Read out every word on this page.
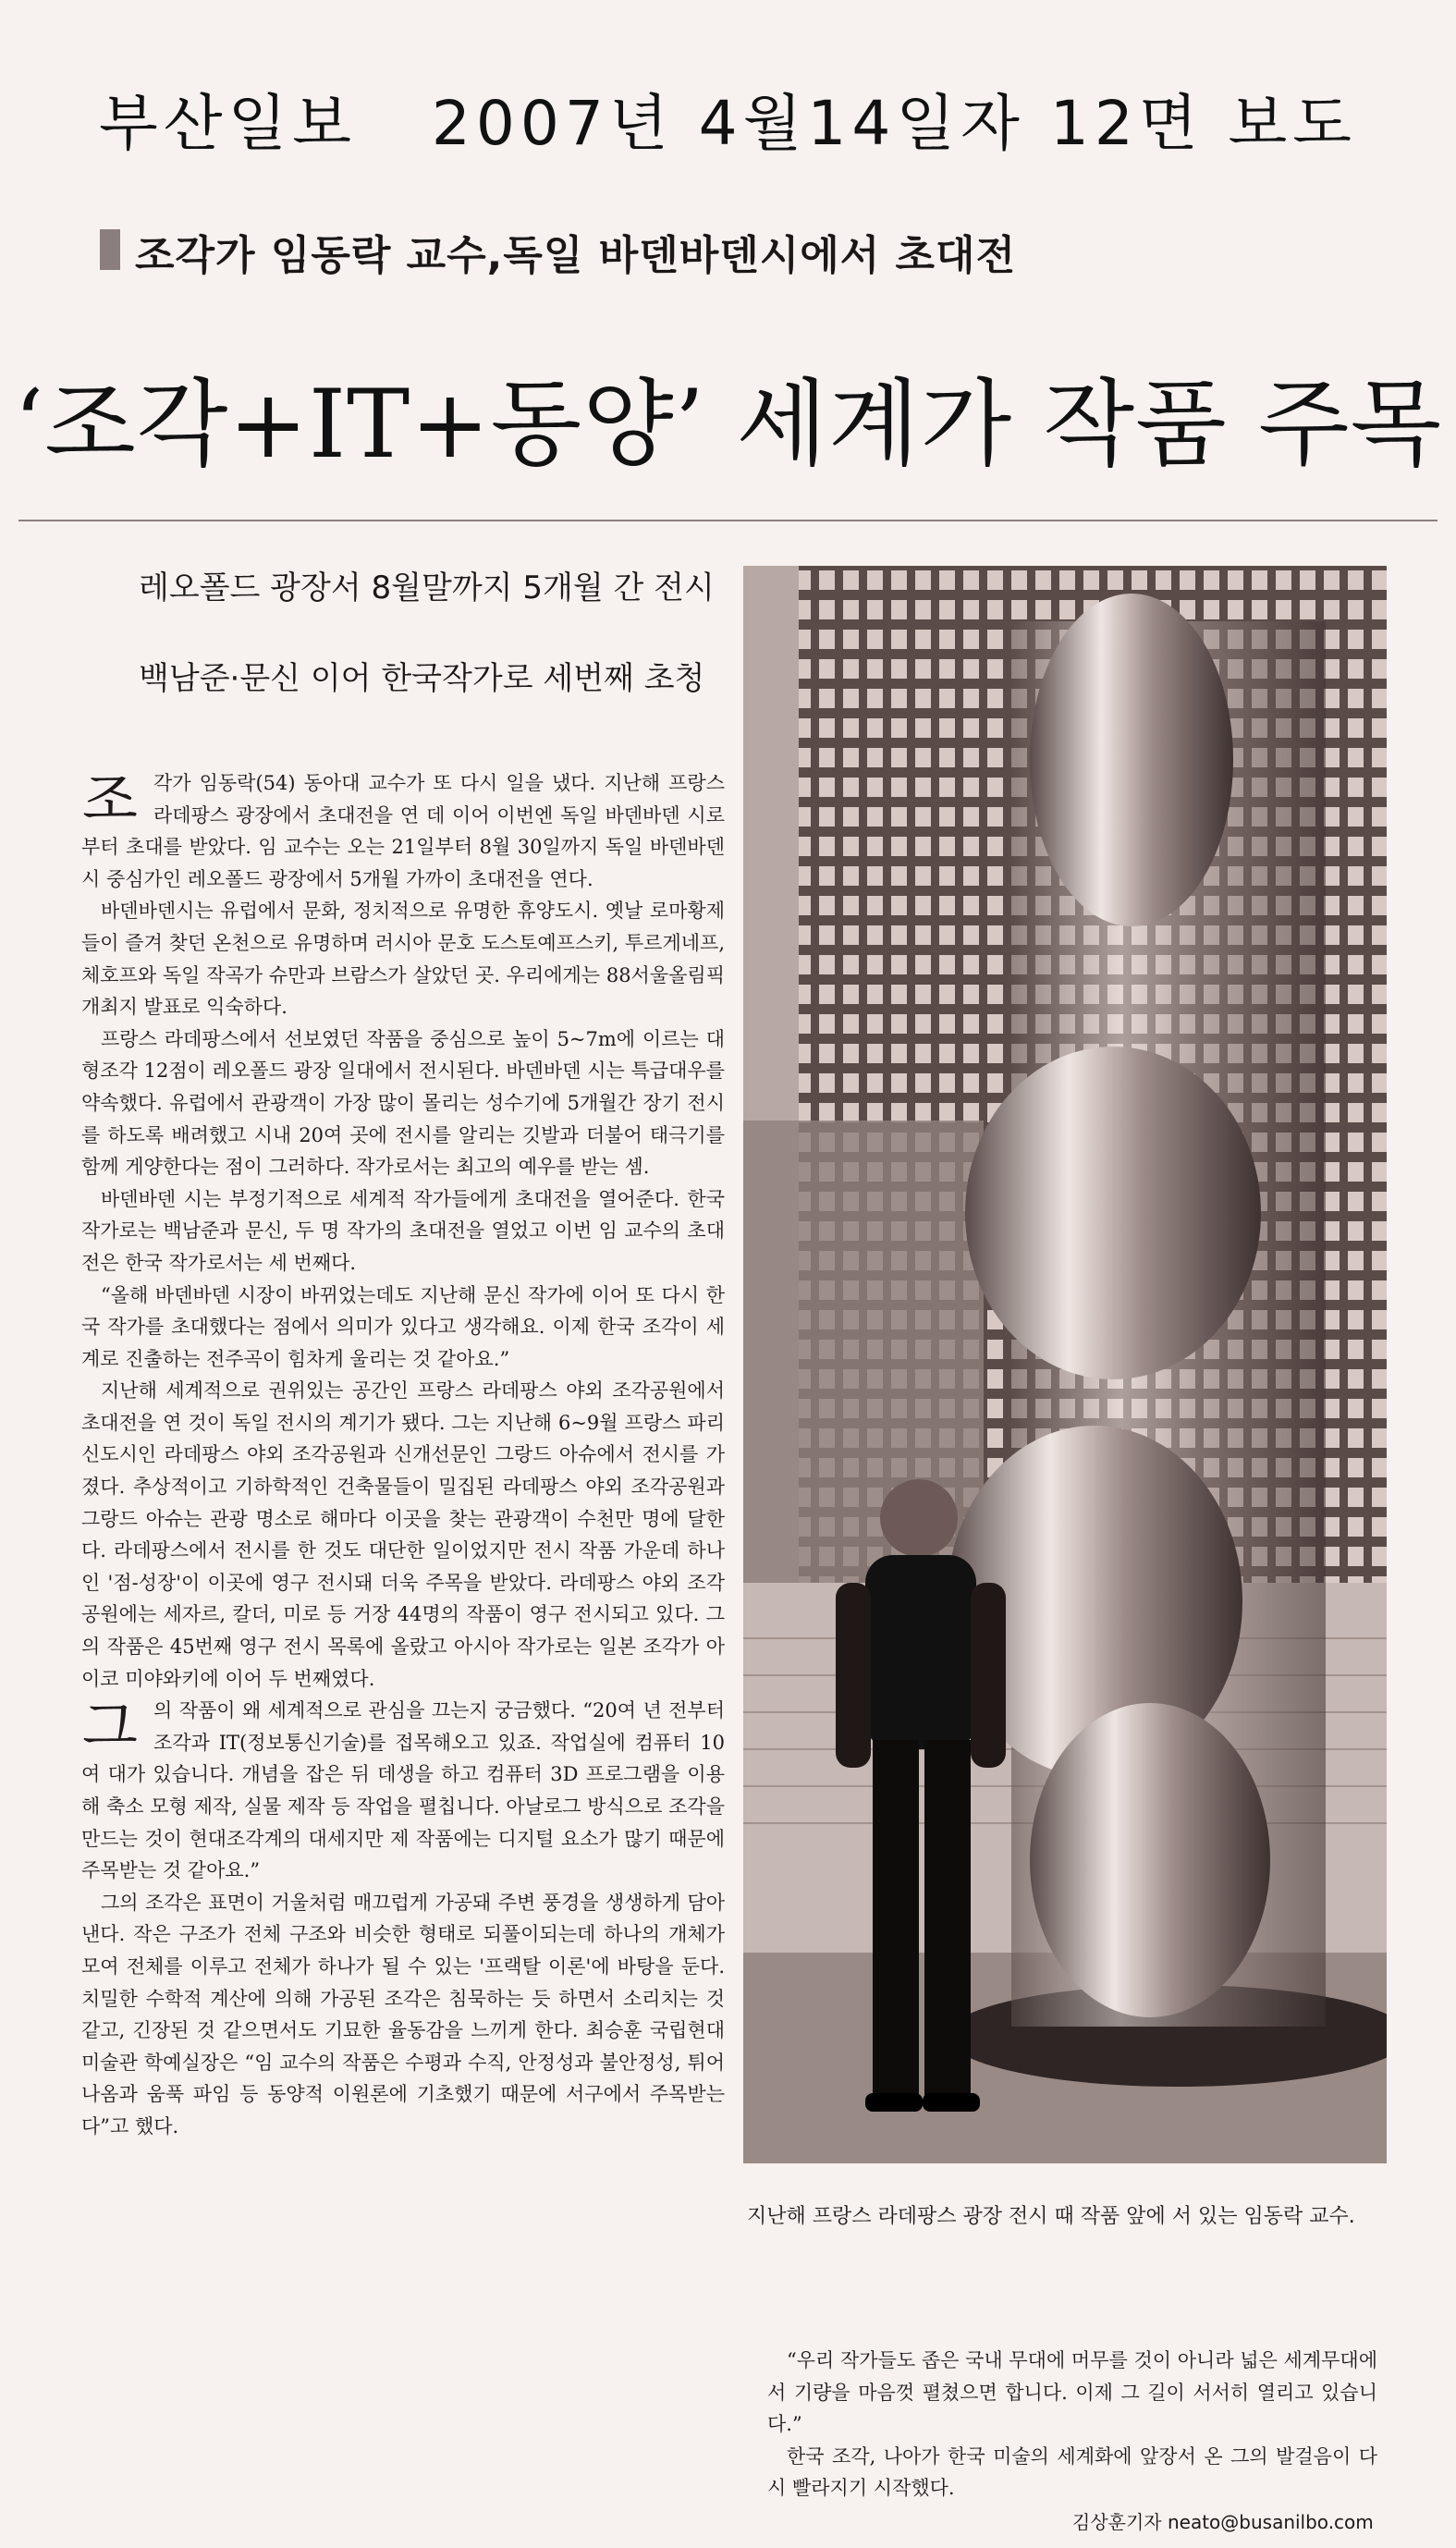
부산일보   2007년 4월14일자 12면 보도
조각가 임동락 교수,독일 바덴바덴시에서 초대전
‘조각+IT+동양’ 세계가 작품 주목
레오폴드 광장서 8월말까지 5개월 간 전시
백남준·문신 이어 한국작가로 세번째 초청
지난해 프랑스 라데팡스 광장 전시 때 작품 앞에 서 있는 임동락 교수.

조각가 임동락(54) 동아대 교수가 또 다시 일을 냈다. 지난해 프랑스 라데팡스 광장에서 초대전을 연 데 이어 이번엔 독일 바덴바덴 시로부터 초대를 받았다. 임 교수는 오는 21일부터 8월 30일까지 독일 바덴바덴시 중심가인 레오폴드 광장에서 5개월 가까이 초대전을 연다.

바덴바덴시는 유럽에서 문화, 정치적으로 유명한 휴양도시. 옛날 로마황제들이 즐겨 찾던 온천으로 유명하며 러시아 문호 도스토예프스키, 투르게네프, 체호프와 독일 작곡가 슈만과 브람스가 살았던 곳. 우리에게는 88서울올림픽 개최지 발표로 익숙하다.

프랑스 라데팡스에서 선보였던 작품을 중심으로 높이 5~7m에 이르는 대형조각 12점이 레오폴드 광장 일대에서 전시된다. 바덴바덴 시는 특급대우를 약속했다. 유럽에서 관광객이 가장 많이 몰리는 성수기에 5개월간 장기 전시를 하도록 배려했고 시내 20여 곳에 전시를 알리는 깃발과 더불어 태극기를 함께 게양한다는 점이 그러하다. 작가로서는 최고의 예우를 받는 셈.

바덴바덴 시는 부정기적으로 세계적 작가들에게 초대전을 열어준다. 한국 작가로는 백남준과 문신, 두 명 작가의 초대전을 열었고 이번 임 교수의 초대전은 한국 작가로서는 세 번째다.

“올해 바덴바덴 시장이 바뀌었는데도 지난해 문신 작가에 이어 또 다시 한국 작가를 초대했다는 점에서 의미가 있다고 생각해요. 이제 한국 조각이 세계로 진출하는 전주곡이 힘차게 울리는 것 같아요.”

지난해 세계적으로 권위있는 공간인 프랑스 라데팡스 야외 조각공원에서 초대전을 연 것이 독일 전시의 계기가 됐다. 그는 지난해 6~9월 프랑스 파리 신도시인 라데팡스 야외 조각공원과 신개선문인 그랑드 아슈에서 전시를 가졌다. 추상적이고 기하학적인 건축물들이 밀집된 라데팡스 야외 조각공원과 그랑드 아슈는 관광 명소로 해마다 이곳을 찾는 관광객이 수천만 명에 달한다. 라데팡스에서 전시를 한 것도 대단한 일이었지만 전시 작품 가운데 하나인 '점-성장'이 이곳에 영구 전시돼 더욱 주목을 받았다. 라데팡스 야외 조각공원에는 세자르, 칼더, 미로 등 거장 44명의 작품이 영구 전시되고 있다. 그의 작품은 45번째 영구 전시 목록에 올랐고 아시아 작가로는 일본 조각가 아이코 미야와키에 이어 두 번째였다.

그의 작품이 왜 세계적으로 관심을 끄는지 궁금했다. “20여 년 전부터 조각과 IT(정보통신기술)를 접목해오고 있죠. 작업실에 컴퓨터 10여 대가 있습니다. 개념을 잡은 뒤 데생을 하고 컴퓨터 3D 프로그램을 이용해 축소 모형 제작, 실물 제작 등 작업을 펼칩니다. 아날로그 방식으로 조각을 만드는 것이 현대조각계의 대세지만 제 작품에는 디지털 요소가 많기 때문에 주목받는 것 같아요.”

그의 조각은 표면이 거울처럼 매끄럽게 가공돼 주변 풍경을 생생하게 담아 낸다. 작은 구조가 전체 구조와 비슷한 형태로 되풀이되는데 하나의 개체가 모여 전체를 이루고 전체가 하나가 될 수 있는 '프랙탈 이론'에 바탕을 둔다. 치밀한 수학적 계산에 의해 가공된 조각은 침묵하는 듯 하면서 소리치는 것 같고, 긴장된 것 같으면서도 기묘한 율동감을 느끼게 한다. 최승훈 국립현대미술관 학예실장은 “임 교수의 작품은 수평과 수직, 안정성과 불안정성, 튀어나옴과 움푹 파임 등 동양적 이원론에 기초했기 때문에 서구에서 주목받는다”고 했다.

“우리 작가들도 좁은 국내 무대에 머무를 것이 아니라 넓은 세계무대에서 기량을 마음껏 펼쳤으면 합니다. 이제 그 길이 서서히 열리고 있습니다.”

한국 조각, 나아가 한국 미술의 세계화에 앞장서 온 그의 발걸음이 다시 빨라지기 시작했다.

김상훈기자 neato@busanilbo.com
